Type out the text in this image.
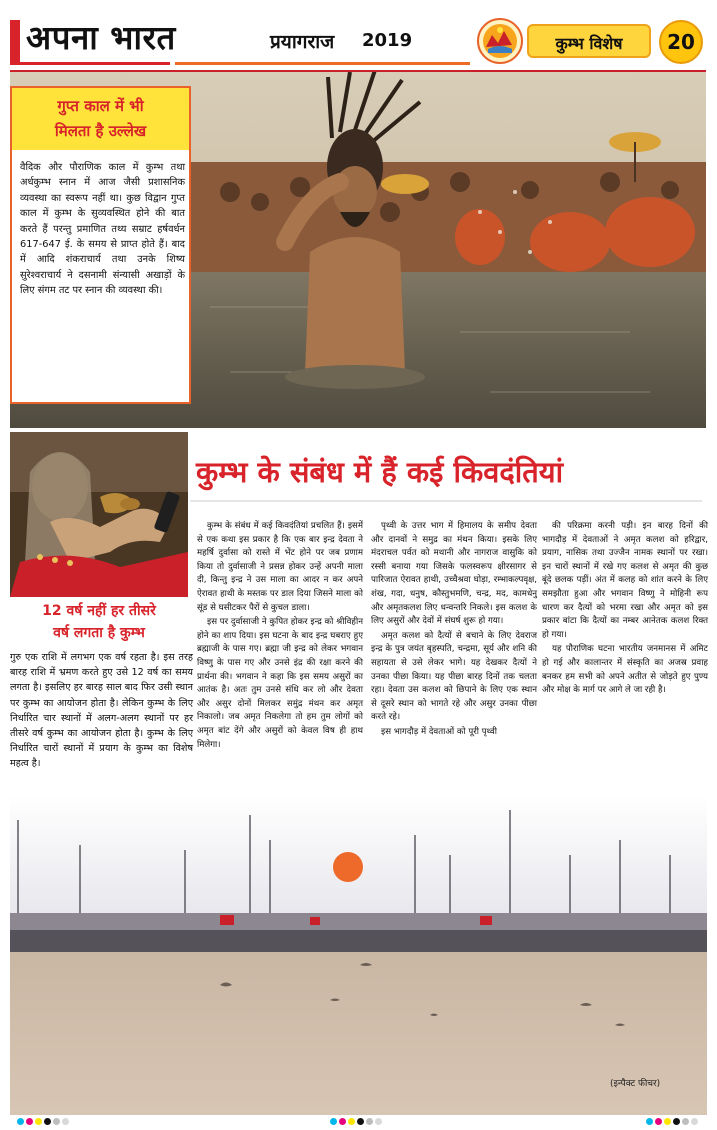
अपना भारत	प्रयागराज 2019	कुम्भ विशेष	20
गुप्त काल में भी
मिलता है उल्लेख
वैदिक और पौराणिक काल में कुम्भ तथा अर्धकुम्भ स्नान में आज जैसी प्रशासनिक व्यवस्था का स्वरूप नहीं था। कुछ विद्वान गुप्त काल में कुम्भ के सुव्यवस्थित होने की बात करते हैं परन्तु प्रमाणित तथ्य सम्राट हर्षवर्धन 617-647 ई. के समय से प्राप्त होते हैं। बाद में आदि शंकराचार्य तथा उनके शिष्य सुरेश्वराचार्य ने दसनामी संन्यासी अखाड़ों के लिए संगम तट पर स्नान की व्यवस्था की।
12 वर्ष नहीं हर तीसरे
वर्ष लगता है कुम्भ
गुरु एक राशि में लगभग एक वर्ष रहता है। इस तरह बारह राशि में भ्रमण करते हुए उसे 12 वर्ष का समय लगता है। इसलिए हर बारह साल बाद फिर उसी स्थान पर कुम्भ का आयोजन होता है। लेकिन कुम्भ के लिए निर्धारित चार स्थानों में अलग-अलग स्थानों पर हर तीसरे वर्ष कुम्भ का आयोजन होता है। कुम्भ के लिए निर्धारित चारों स्थानों में प्रयाग के कुम्भ का विशेष महत्व है।
कुम्भ के संबंध में हैं कई किवदंतियां

कुम्भ के संबंध में कई किवदंतियां प्रचलित हैं। इसमें से एक कथा इस प्रकार है कि एक बार इन्द्र देवता ने महर्षि दुर्वासा को रास्ते में भेंट होने पर जब प्रणाम किया तो दुर्वासाजी ने प्रसन्न होकर उन्हें अपनी माला दी, किन्तु इन्द्र ने उस माला का आदर न कर अपने ऐरावत हाथी के मस्तक पर डाल दिया जिसने माला को सूंड से घसीटकर पैरों से कुचल डाला।

इस पर दुर्वासाजी ने कुपित होकर इन्द्र को श्रीविहीन होने का शाप दिया। इस घटना के बाद इन्द्र घबराए हुए ब्रह्माजी के पास गए। ब्रह्मा जी इन्द्र को लेकर भगवान विष्णु के पास गए और उनसे इंद्र की रक्षा करने की प्रार्थना की। भगवान ने कहा कि इस समय असुरों का आतंक है। अतः तुम उनसे संधि कर लो और देवता और असुर दोनों मिलकर समुंद्र मंथन कर अमृत निकालो। जब अमृत निकलेगा तो हम तुम लोगों को अमृत बांट देंगे और असुरों को केवल विष ही हाथ मिलेगा।

पृथ्वी के उत्तर भाग में हिमालय के समीप देवता और दानवों ने समुद्र का मंथन किया। इसके लिए मंदराचल पर्वत को मथानी और नागराज वासुकि को रस्सी बनाया गया जिसके फलस्वरूप क्षीरसागर से पारिजात ऐरावत हाथी, उच्चैश्रवा घोड़ा, रम्भाकल्पवृक्ष, शंख, गदा, धनुष, कौस्तुभमणि, चन्द्र, मद, कामधेनु और अमृतकलश लिए धन्वन्तरि निकले। इस कलश के लिए असुरों और देवों में संघर्ष शुरू हो गया।

अमृत कलश को दैत्यों से बचाने के लिए देवराज इन्द्र के पुत्र जयंत बृहस्पति, चन्द्रमा, सूर्य और शनि की सहायता से उसे लेकर भागे। यह देखकर दैत्यों ने उनका पीछा किया। यह पीछा बारह दिनों तक चलता रहा। देवता उस कलश को छिपाने के लिए एक स्थान से दूसरे स्थान को भागते रहे और असुर उनका पीछा करते रहे।

इस भागदौड़ में देवताओं को पूरी पृथ्वी

की परिक्रमा करनी पड़ी। इन बारह दिनों की भागदौड़ में देवताओं ने अमृत कलश को हरिद्वार, प्रयाग, नासिक तथा उज्जैन नामक स्थानों पर रखा। इन चारों स्थानों में रखे गए कलश से अमृत की कुछ बूंदे छलक पड़ीं। अंत में कलह को शांत करने के लिए समझौता हुआ और भगवान विष्णु ने मोहिनी रूप धारण कर दैत्यों को भरमा रखा और अमृत को इस प्रकार बांटा कि दैत्यों का नम्बर आनेतक कलश रिक्त हो गया।

यह पौराणिक घटना भारतीय जनमानस में अमिट हो गई और कालान्तर में संस्कृति का अजस्र प्रवाह बनकर हम सभी को अपने अतीत से जोड़ते हुए पुण्य और मोक्ष के मार्ग पर आगे ले जा रही है।

(इन्पैक्ट फीचर)
